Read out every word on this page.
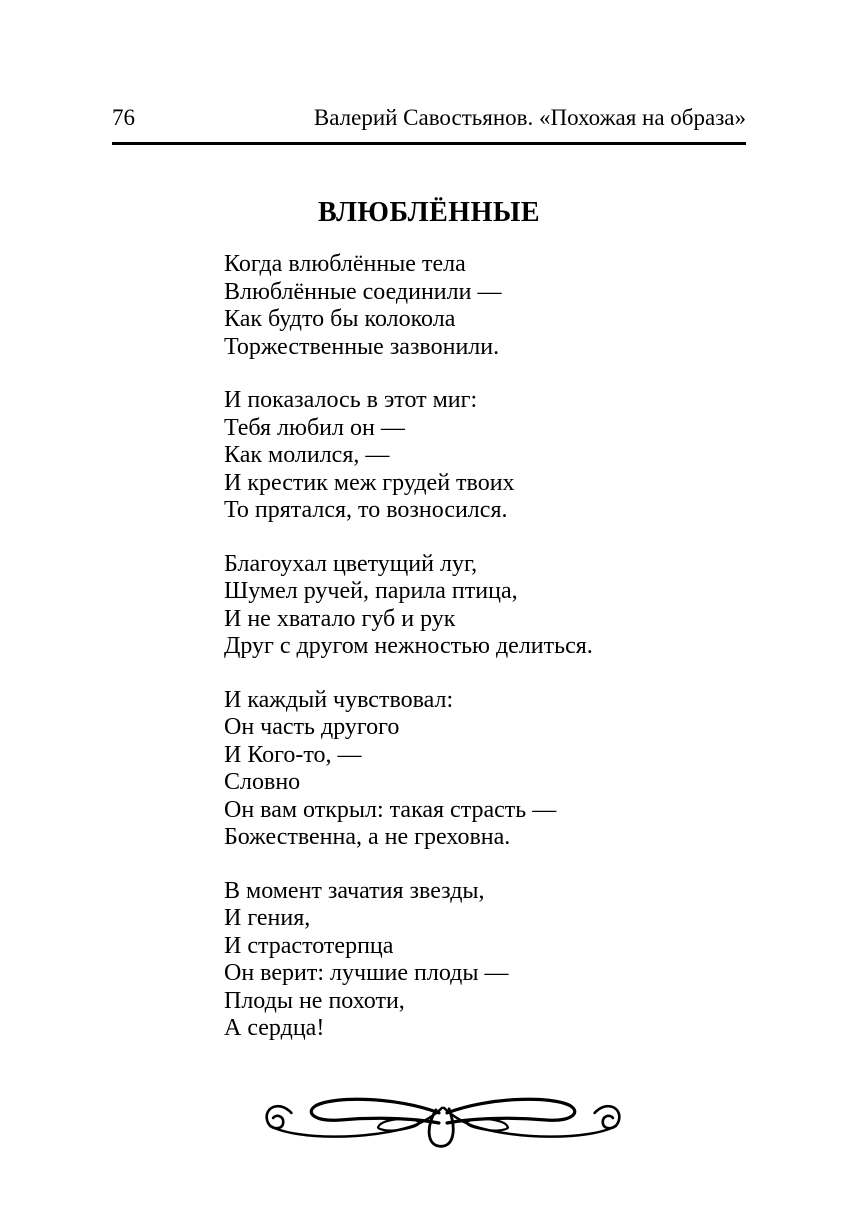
76	Валерий Савостьянов. «Похожая на образа»
ВЛЮБЛЁННЫЕ
Когда влюблённые тела
Влюблённые соединили —
Как будто бы колокола
Торжественные зазвонили.
И показалось в этот миг:
Тебя любил он —
Как молился, —
И крестик меж грудей твоих
То прятался, то возносился.
Благоухал цветущий луг,
Шумел ручей, парила птица,
И не хватало губ и рук
Друг с другом нежностью делиться.
И каждый чувствовал:
Он часть другого
И Кого-то, —
Словно
Он вам открыл: такая страсть —
Божественна, а не греховна.
В момент зачатия звезды,
И гения,
И страстотерпца
Он верит: лучшие плоды —
Плоды не похоти,
А сердца!
